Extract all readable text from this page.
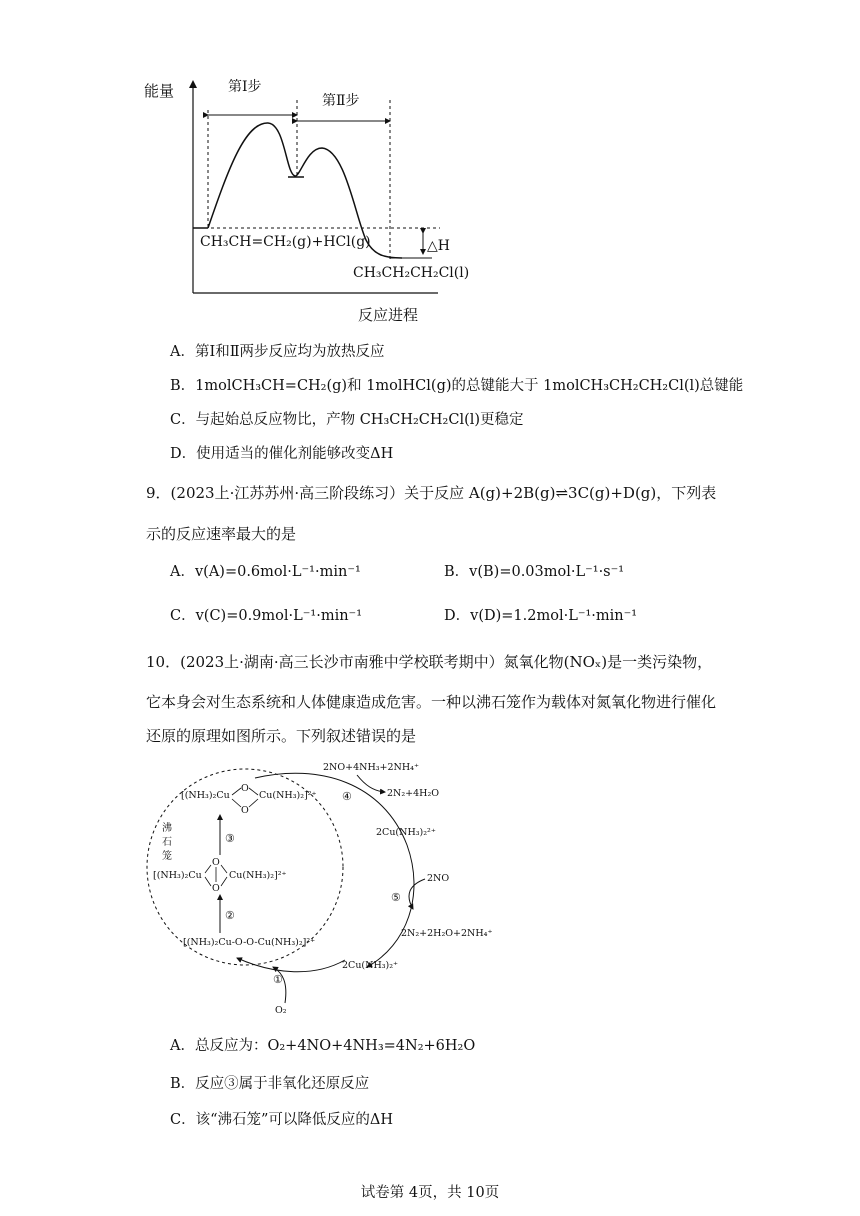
能量
反应进程
第Ⅰ步
第Ⅱ步
△H
CH₃CH=CH₂(g)+HCl(g)
CH₃CH₂CH₂Cl(l)
A．第Ⅰ和Ⅱ两步反应均为放热反应
B．1molCH₃CH=CH₂(g)和 1molHCl(g)的总键能大于 1molCH₃CH₂CH₂Cl(l)总键能
C．与起始总反应物比，产物 CH₃CH₂CH₂Cl(l)更稳定
D．使用适当的催化剂能够改变ΔH
9．(2023上·江苏苏州·高三阶段练习）关于反应 A(g)+2B(g)⇌3C(g)+D(g)，下列表
示的反应速率最大的是
A．v(A)=0.6mol·L⁻¹·min⁻¹	B．v(B)=0.03mol·L⁻¹·s⁻¹
C．v(C)=0.9mol·L⁻¹·min⁻¹	D．v(D)=1.2mol·L⁻¹·min⁻¹
10．(2023上·湖南·高三长沙市南雅中学校联考期中）氮氧化物(NOₓ)是一类污染物，
它本身会对生态系统和人体健康造成危害。一种以沸石笼作为载体对氮氧化物进行催化
还原的原理如图所示。下列叙述错误的是
沸
石
笼
[(NH₃)₂Cu
O
O
Cu(NH₃)₂]²⁺
③
[(NH₃)₂Cu
O
O
Cu(NH₃)₂]²⁺
②
[(NH₃)₂Cu-O-O-Cu(NH₃)₂]²⁺
O₂
①
2NO+4NH₃+2NH₄⁺
2N₂+4H₂O
④
2Cu(NH₃)₂²⁺
2NO
⑤
2N₂+2H₂O+2NH₄⁺
2Cu(NH₃)₂⁺
A．总反应为：O₂+4NO+4NH₃=4N₂+6H₂O
B．反应③属于非氧化还原反应
C．该“沸石笼”可以降低反应的ΔH
试卷第 4页，共 10页
